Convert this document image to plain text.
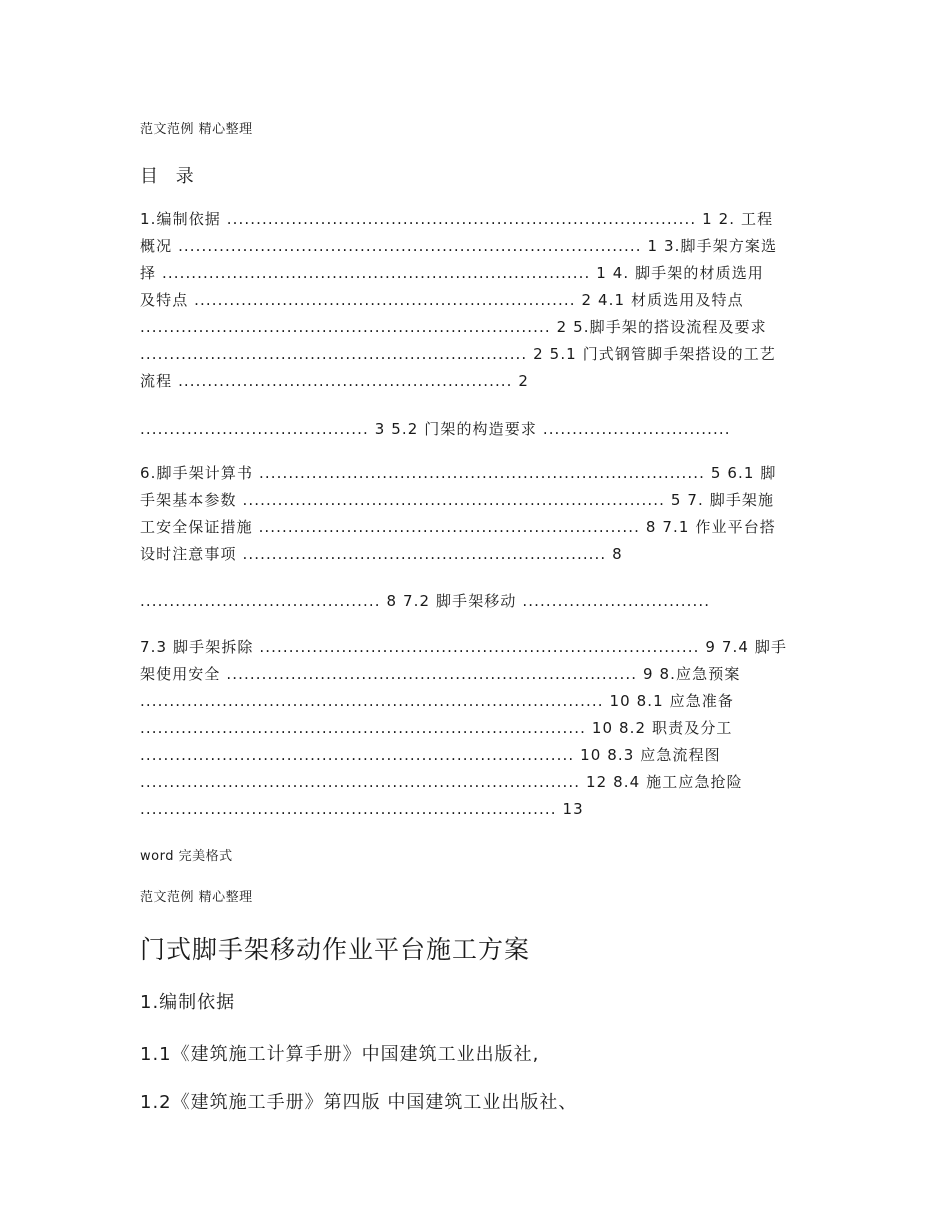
范文范例 精心整理

目 录

1.编制依据 ................................................................................ 1 2. 工程
概况 ............................................................................... 1 3.脚手架方案选
择 ......................................................................... 1 4. 脚手架的材质选用
及特点 ................................................................. 2 4.1 材质选用及特点
...................................................................... 2 5.脚手架的搭设流程及要求
.................................................................. 2 5.1 门式钢管脚手架搭设的工艺
流程 ......................................................... 2
....................................... 3 5.2 门架的构造要求 ................................
6.脚手架计算书 ............................................................................ 5 6.1 脚
手架基本参数 ........................................................................ 5 7. 脚手架施
工安全保证措施 ................................................................. 8 7.1 作业平台搭
设时注意事项 .............................................................. 8
......................................... 8 7.2 脚手架移动 ................................
7.3 脚手架拆除 ........................................................................... 9 7.4 脚手
架使用安全 ...................................................................... 9 8.应急预案
............................................................................... 10 8.1 应急准备
............................................................................ 10 8.2 职责及分工
.......................................................................... 10 8.3 应急流程图
........................................................................... 12 8.4 施工应急抢险
....................................................................... 13

word 完美格式

范文范例 精心整理

门式脚手架移动作业平台施工方案

1.编制依据

1.1《建筑施工计算手册》中国建筑工业出版社,

1.2《建筑施工手册》第四版 中国建筑工业出版社、
